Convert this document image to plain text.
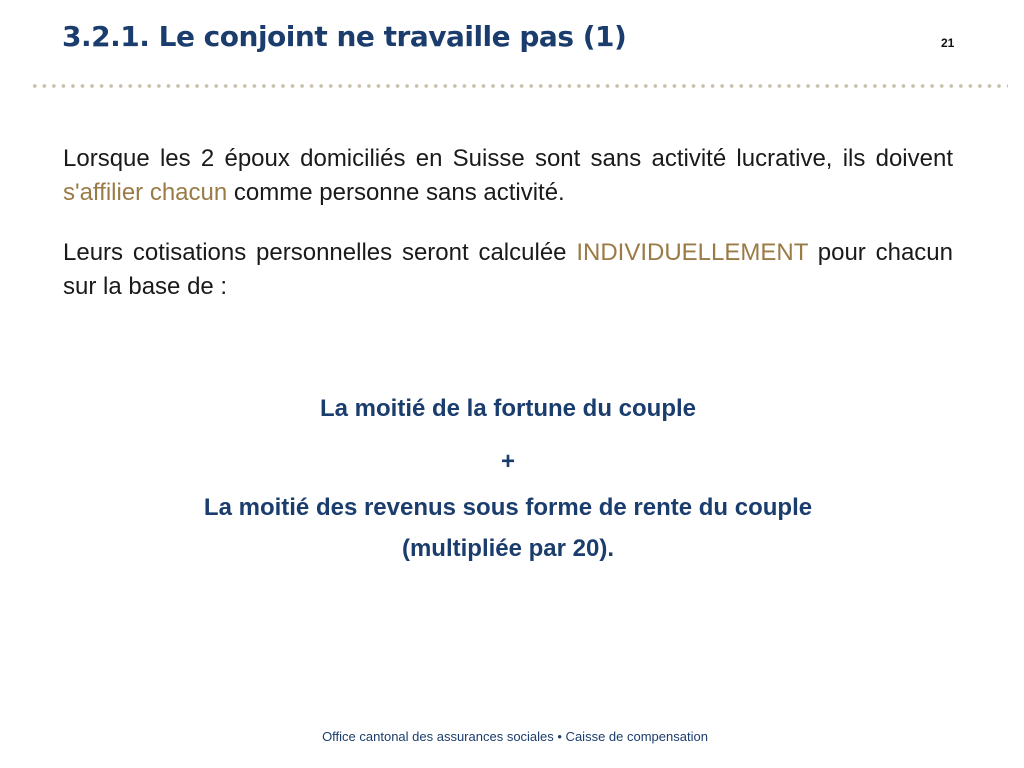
3.2.1. Le conjoint ne travaille pas (1)	21

Lorsque les 2 époux domiciliés en Suisse sont sans activité lucrative, ils doivent s'affilier chacun comme personne sans activité.

Leurs cotisations personnelles seront calculée INDIVIDUELLEMENT pour chacun sur la base de :

La moitié de la fortune du couple

+

La moitié des revenus sous forme de rente du couple

(multipliée par 20).

Office cantonal des assurances sociales • Caisse de compensation
